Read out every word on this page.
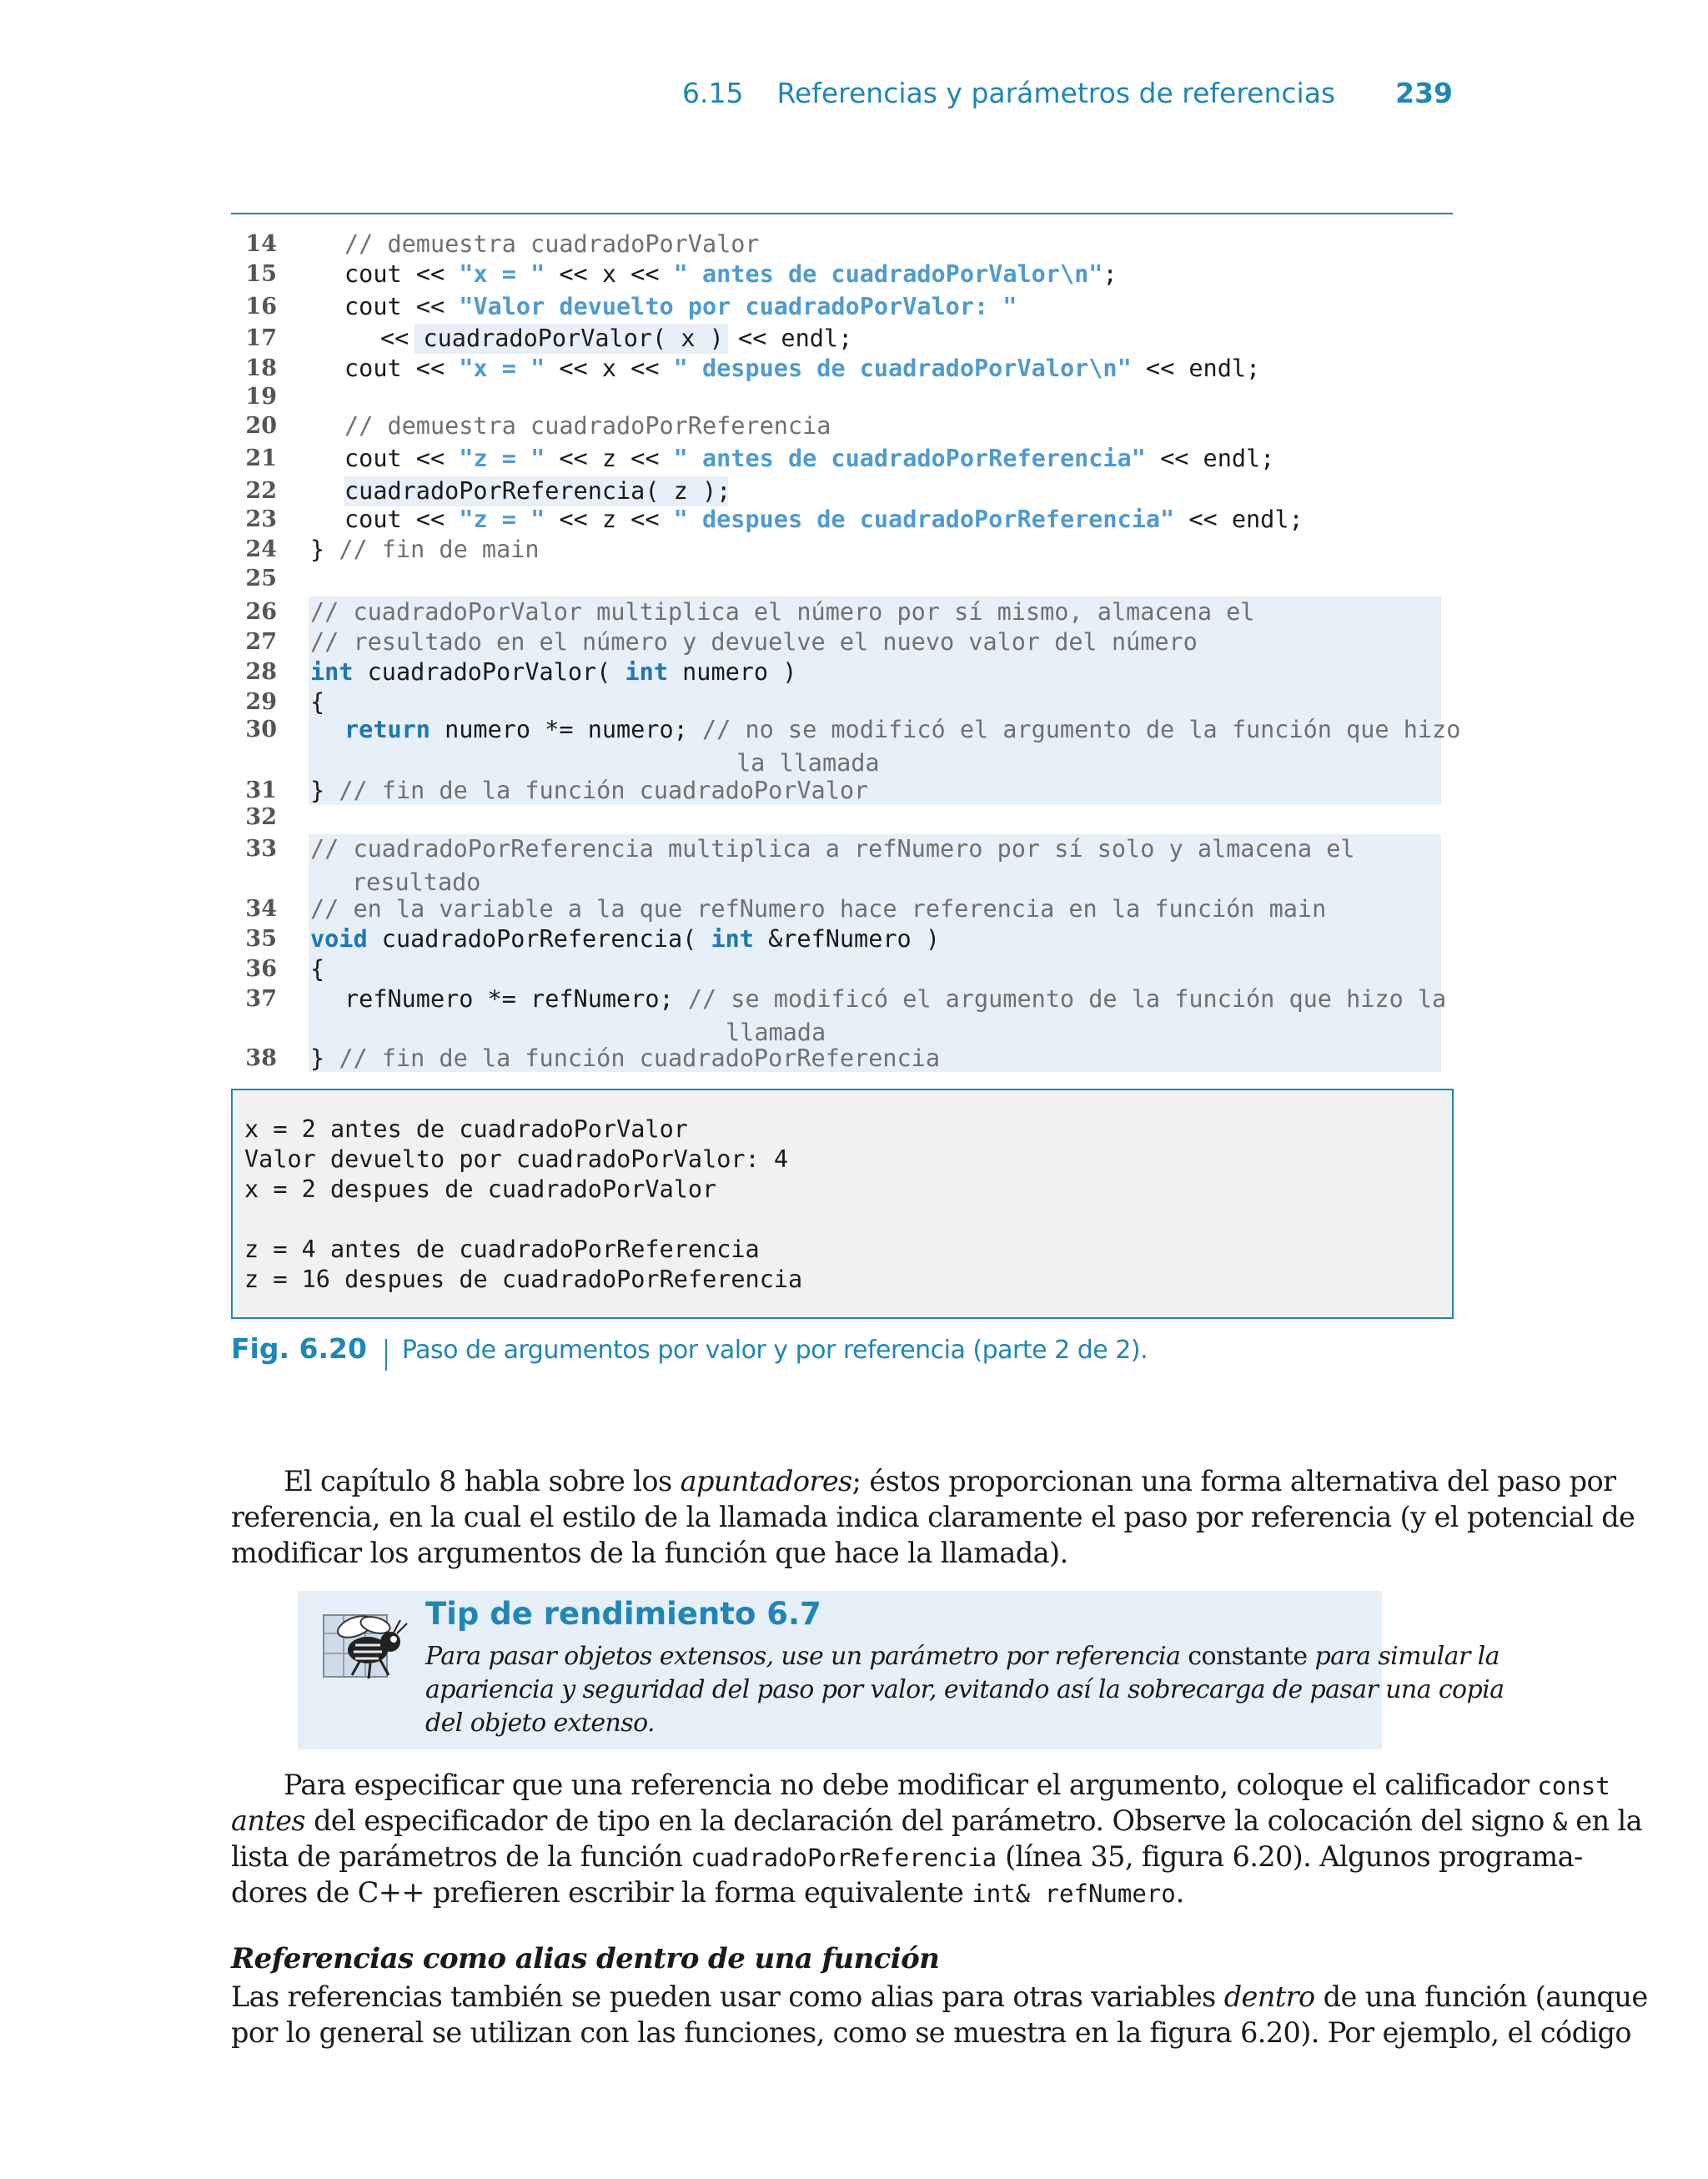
6.15 Referencias y parámetros de referencias 239
14
15
16
17
18
19
20
21
22
23
24
25
26
27
28
29
30
31
32
33
34
35
36
37
38
// demuestra cuadradoPorValor
cout << "x = " << x << " antes de cuadradoPorValor\n";
cout << "Valor devuelto por cuadradoPorValor: "
<< cuadradoPorValor( x ) << endl;
cout << "x = " << x << " despues de cuadradoPorValor\n" << endl;
// demuestra cuadradoPorReferencia
cout << "z = " << z << " antes de cuadradoPorReferencia" << endl;
cuadradoPorReferencia( z );
cout << "z = " << z << " despues de cuadradoPorReferencia" << endl;
} // fin de main
// cuadradoPorValor multiplica el número por sí mismo, almacena el
// resultado en el número y devuelve el nuevo valor del número
int cuadradoPorValor( int numero )
{
return numero *= numero; // no se modificó el argumento de la función que hizo
la llamada
} // fin de la función cuadradoPorValor
// cuadradoPorReferencia multiplica a refNumero por sí solo y almacena el
resultado
// en la variable a la que refNumero hace referencia en la función main
void cuadradoPorReferencia( int &refNumero )
{
refNumero *= refNumero; // se modificó el argumento de la función que hizo la
llamada
} // fin de la función cuadradoPorReferencia
x = 2 antes de cuadradoPorValor
Valor devuelto por cuadradoPorValor: 4
x = 2 despues de cuadradoPorValor
z = 4 antes de cuadradoPorReferencia
z = 16 despues de cuadradoPorReferencia
Fig. 6.20 Paso de argumentos por valor y por referencia (parte 2 de 2).
El capítulo 8 habla sobre los apuntadores; éstos proporcionan una forma alternativa del paso por
referencia, en la cual el estilo de la llamada indica claramente el paso por referencia (y el potencial de
modificar los argumentos de la función que hace la llamada).
Tip de rendimiento 6.7
Para pasar objetos extensos, use un parámetro por referencia constante para simular la
apariencia y seguridad del paso por valor, evitando así la sobrecarga de pasar una copia
del objeto extenso.
Para especificar que una referencia no debe modificar el argumento, coloque el calificador const
antes del especificador de tipo en la declaración del parámetro. Observe la colocación del signo & en la
lista de parámetros de la función cuadradoPorReferencia (línea 35, figura 6.20). Algunos programa-
dores de C++ prefieren escribir la forma equivalente int& refNumero.
Referencias como alias dentro de una función
Las referencias también se pueden usar como alias para otras variables dentro de una función (aunque
por lo general se utilizan con las funciones, como se muestra en la figura 6.20). Por ejemplo, el código
